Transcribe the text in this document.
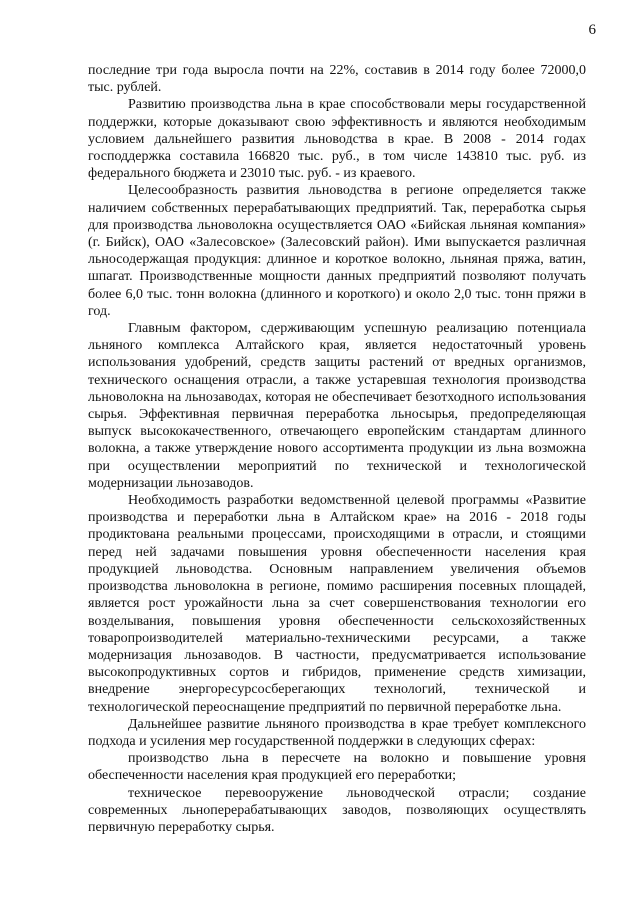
6

последние три года выросла почти на 22%, составив в 2014 году более 72000,0 тыс. рублей.

Развитию производства льна в крае способствовали меры государственной поддержки, которые доказывают свою эффективность и являются необходимым условием дальнейшего развития льноводства в крае. В 2008 - 2014 годах господдержка составила 166820 тыс. руб., в том числе 143810 тыс. руб. из федерального бюджета и 23010 тыс. руб. - из краевого.

Целесообразность развития льноводства в регионе определяется также наличием собственных перерабатывающих предприятий. Так, переработка сырья для производства льноволокна осуществляется ОАО «Бийская льняная компания» (г. Бийск), ОАО «Залесовское» (Залесовский район). Ими выпускается различная льносодержащая продукция: длинное и короткое волокно, льняная пряжа, ватин, шпагат. Производственные мощности данных предприятий позволяют получать более 6,0 тыс. тонн волокна (длинного и короткого) и около 2,0 тыс. тонн пряжи в год.

Главным фактором, сдерживающим успешную реализацию потенциала льняного комплекса Алтайского края, является недостаточный уровень использования удобрений, средств защиты растений от вредных организмов, технического оснащения отрасли, а также устаревшая технология производства льноволокна на льнозаводах, которая не обеспечивает безотходного использования сырья. Эффективная первичная переработка льносырья, предопределяющая выпуск высококачественного, отвечающего европейским стандартам длинного волокна, а также утверждение нового ассортимента продукции из льна возможна при осуществлении мероприятий по технической и технологической модернизации льнозаводов.

Необходимость разработки ведомственной целевой программы «Развитие производства и переработки льна в Алтайском крае» на 2016 - 2018 годы продиктована реальными процессами, происходящими в отрасли, и стоящими перед ней задачами повышения уровня обеспеченности населения края продукцией льноводства. Основным направлением увеличения объемов производства льноволокна в регионе, помимо расширения посевных площадей, является рост урожайности льна за счет совершенствования технологии его возделывания, повышения уровня обеспеченности сельскохозяйственных товаропроизводителей материально-техническими ресурсами, а также модернизация льнозаводов. В частности, предусматривается использование высокопродуктивных сортов и гибридов, применение средств химизации, внедрение энергоресурсосберегающих технологий, технической и технологической переоснащение предприятий по первичной переработке льна.

Дальнейшее развитие льняного производства в крае требует комплексного подхода и усиления мер государственной поддержки в следующих сферах:

производство льна в пересчете на волокно и повышение уровня обеспеченности населения края продукцией его переработки;

техническое перевооружение льноводческой отрасли; создание современных льноперерабатывающих заводов, позволяющих осуществлять первичную переработку сырья.
